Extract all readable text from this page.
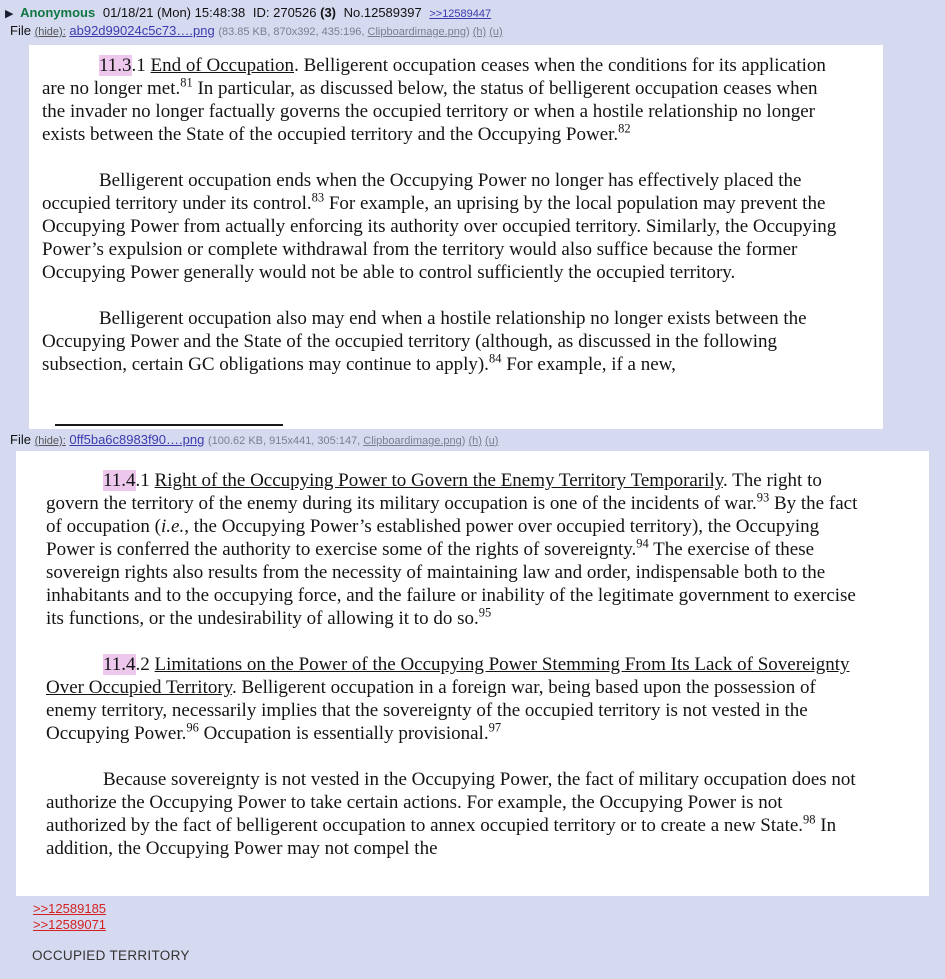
▶ Anonymous 01/18/21 (Mon) 15:48:38 ID: 270526 (3) No.12589397 >>12589447
File (hide): ab92d99024c5c73….png (83.85 KB, 870x392, 435:196, Clipboardimage.png) (h) (u)

11.3.1 End of Occupation. Belligerent occupation ceases when the conditions for its application are no longer met.$^{81}$ In particular, as discussed below, the status of belligerent occupation ceases when the invader no longer factually governs the occupied territory or when a hostile relationship no longer exists between the State of the occupied territory and the Occupying Power.$^{82}$

Belligerent occupation ends when the Occupying Power no longer has effectively placed the occupied territory under its control.$^{83}$ For example, an uprising by the local population may prevent the Occupying Power from actually enforcing its authority over occupied territory. Similarly, the Occupying Power’s expulsion or complete withdrawal from the territory would also suffice because the former Occupying Power generally would not be able to control sufficiently the occupied territory.

Belligerent occupation also may end when a hostile relationship no longer exists between the Occupying Power and the State of the occupied territory (although, as discussed in the following subsection, certain GC obligations may continue to apply).$^{84}$ For example, if a new,

File (hide): 0ff5ba6c8983f90….png (100.62 KB, 915x441, 305:147, Clipboardimage.png) (h) (u)

11.4.1 Right of the Occupying Power to Govern the Enemy Territory Temporarily. The right to govern the territory of the enemy during its military occupation is one of the incidents of war.$^{93}$ By the fact of occupation (i.e., the Occupying Power’s established power over occupied territory), the Occupying Power is conferred the authority to exercise some of the rights of sovereignty.$^{94}$ The exercise of these sovereign rights also results from the necessity of maintaining law and order, indispensable both to the inhabitants and to the occupying force, and the failure or inability of the legitimate government to exercise its functions, or the undesirability of allowing it to do so.$^{95}$

11.4.2 Limitations on the Power of the Occupying Power Stemming From Its Lack of Sovereignty Over Occupied Territory. Belligerent occupation in a foreign war, being based upon the possession of enemy territory, necessarily implies that the sovereignty of the occupied territory is not vested in the Occupying Power.$^{96}$ Occupation is essentially provisional.$^{97}$

Because sovereignty is not vested in the Occupying Power, the fact of military occupation does not authorize the Occupying Power to take certain actions. For example, the Occupying Power is not authorized by the fact of belligerent occupation to annex occupied territory or to create a new State.$^{98}$ In addition, the Occupying Power may not compel the

>>12589185
>>12589071
OCCUPIED TERRITORY
